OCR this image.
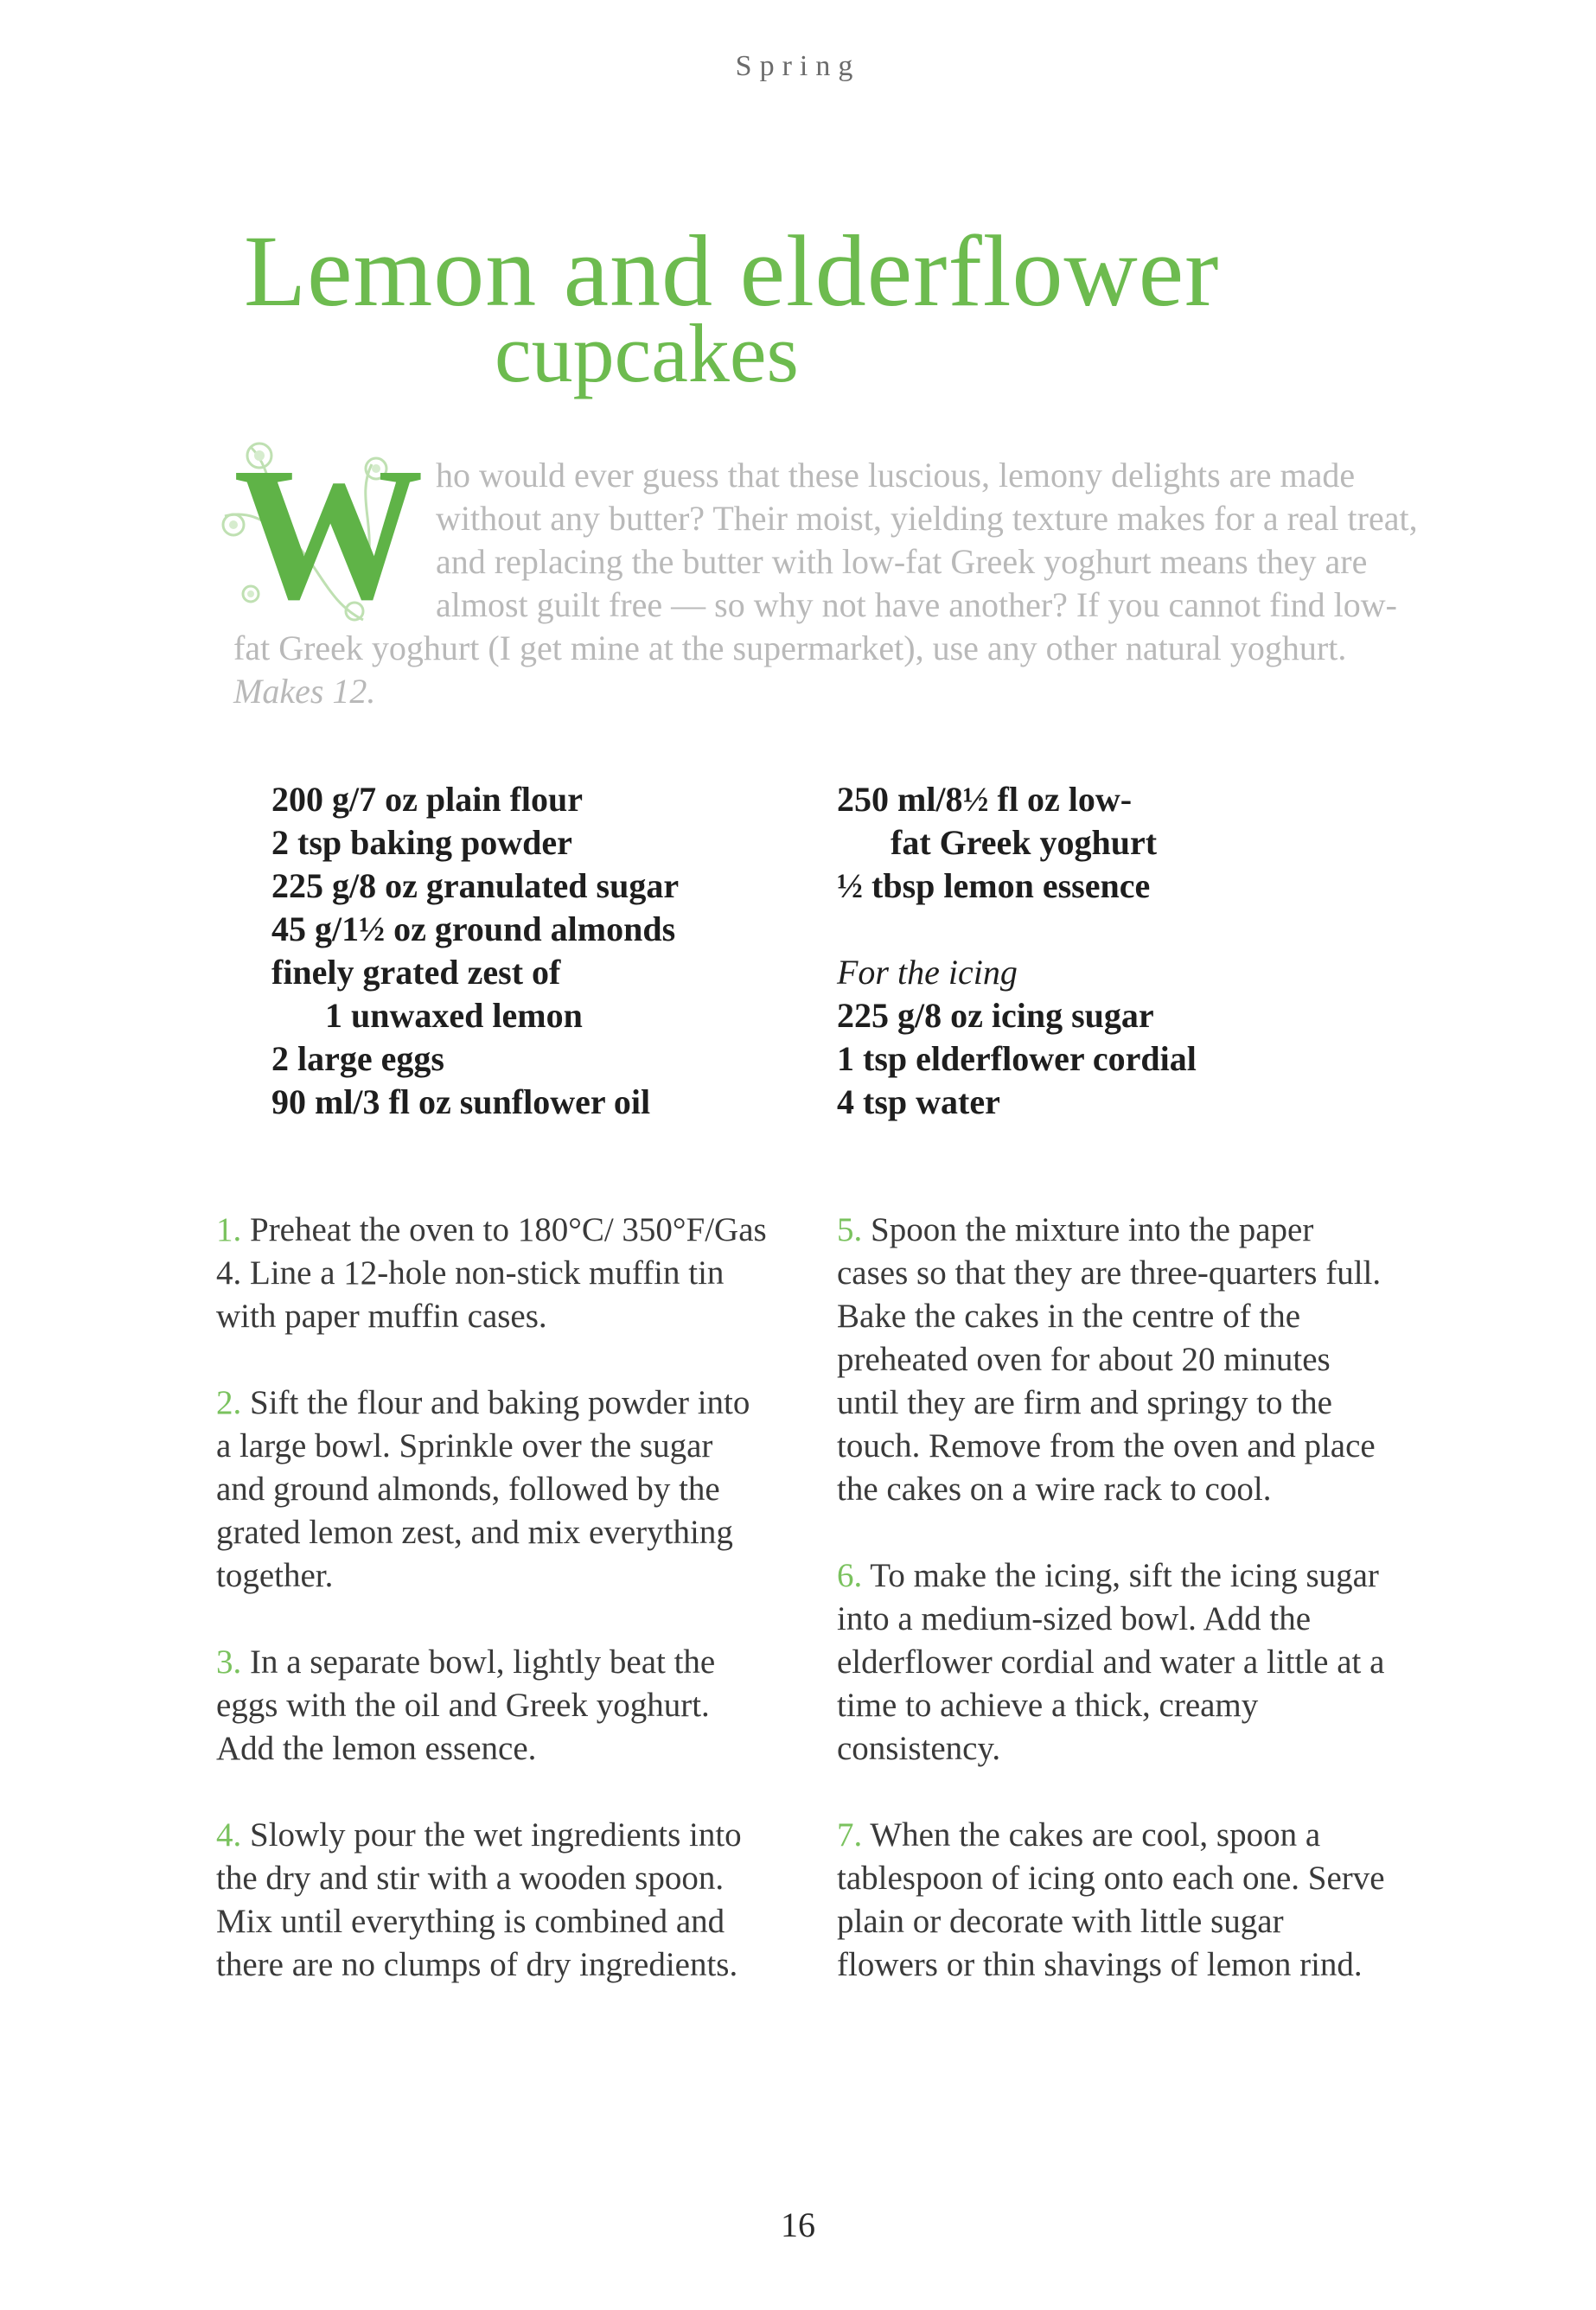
Spring
Lemon and elderflower
cupcakes
W ho would ever guess that these luscious, lemony delights are made without any butter? Their moist, yielding texture makes for a real treat, and replacing the butter with low-fat Greek yoghurt means they are almost guilt free — so why not have another? If you cannot find low-fat Greek yoghurt (I get mine at the supermarket), use any other natural yoghurt. Makes 12.
200 g/7 oz plain flour
2 tsp baking powder
225 g/8 oz granulated sugar
45 g/1½ oz ground almonds
finely grated zest of
1 unwaxed lemon
2 large eggs
90 ml/3 fl oz sunflower oil
250 ml/8½ fl oz low-
fat Greek yoghurt
½ tbsp lemon essence
For the icing
225 g/8 oz icing sugar
1 tsp elderflower cordial
4 tsp water
1. Preheat the oven to 180°C/ 350°F/Gas 4. Line a 12-hole non-stick muffin tin with paper muffin cases.
2. Sift the flour and baking powder into a large bowl. Sprinkle over the sugar and ground almonds, followed by the grated lemon zest, and mix everything together.
3. In a separate bowl, lightly beat the eggs with the oil and Greek yoghurt. Add the lemon essence.
4. Slowly pour the wet ingredients into the dry and stir with a wooden spoon. Mix until everything is combined and there are no clumps of dry ingredients.
5. Spoon the mixture into the paper cases so that they are three-quarters full. Bake the cakes in the centre of the preheated oven for about 20 minutes until they are firm and springy to the touch. Remove from the oven and place the cakes on a wire rack to cool.
6. To make the icing, sift the icing sugar into a medium-sized bowl. Add the elderflower cordial and water a little at a time to achieve a thick, creamy consistency.
7. When the cakes are cool, spoon a tablespoon of icing onto each one. Serve plain or decorate with little sugar flowers or thin shavings of lemon rind.
16
